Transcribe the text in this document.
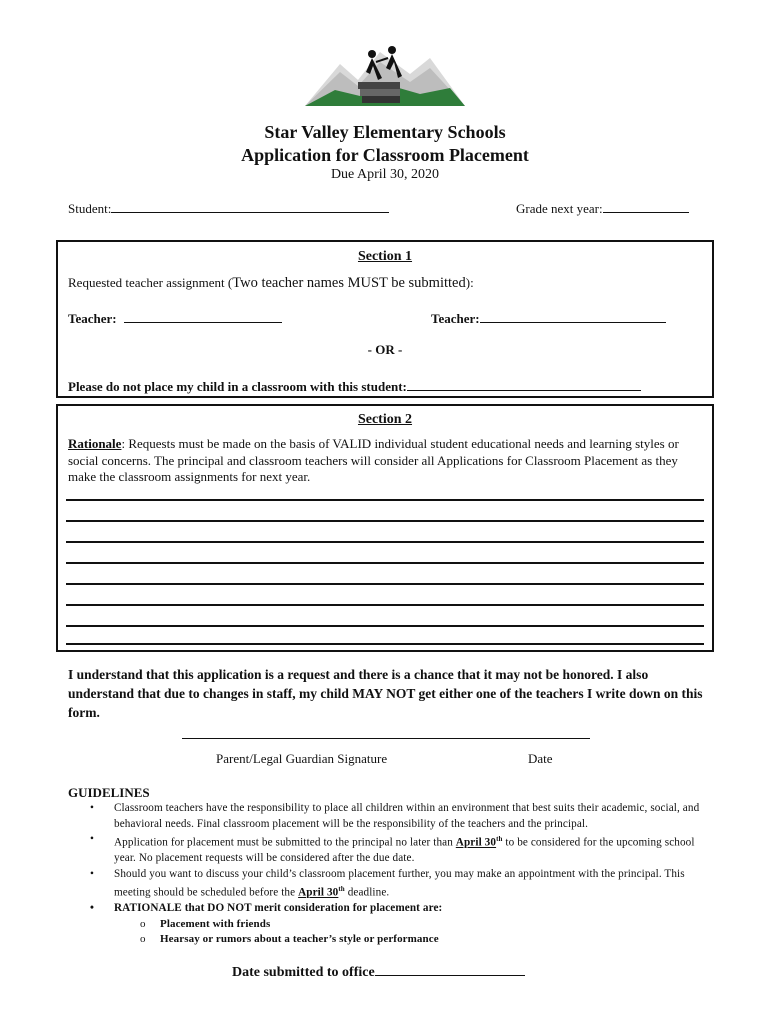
Star Valley Elementary Schools
Application for Classroom Placement
Due April 30, 2020
Student:	Grade next year:
Section 1
Requested teacher assignment (Two teacher names MUST be submitted):
Teacher:	Teacher:
- OR -
Please do not place my child in a classroom with this student:
Section 2
Rationale: Requests must be made on the basis of VALID individual student educational needs and learning styles or social concerns. The principal and classroom teachers will consider all Applications for Classroom Placement as they make the classroom assignments for next year.
I understand that this application is a request and there is a chance that it may not be honored. I also understand that due to changes in staff, my child MAY NOT get either one of the teachers I write down on this form.
Parent/Legal Guardian Signature	Date
GUIDELINES
• Classroom teachers have the responsibility to place all children within an environment that best suits their academic, social, and behavioral needs. Final classroom placement will be the responsibility of the teachers and the principal.
• Application for placement must be submitted to the principal no later than April 30th to be considered for the upcoming school year. No placement requests will be considered after the due date.
• Should you want to discuss your child’s classroom placement further, you may make an appointment with the principal. This meeting should be scheduled before the April 30th deadline.
• RATIONALE that DO NOT merit consideration for placement are:
o Placement with friends
o Hearsay or rumors about a teacher’s style or performance
Date submitted to office
